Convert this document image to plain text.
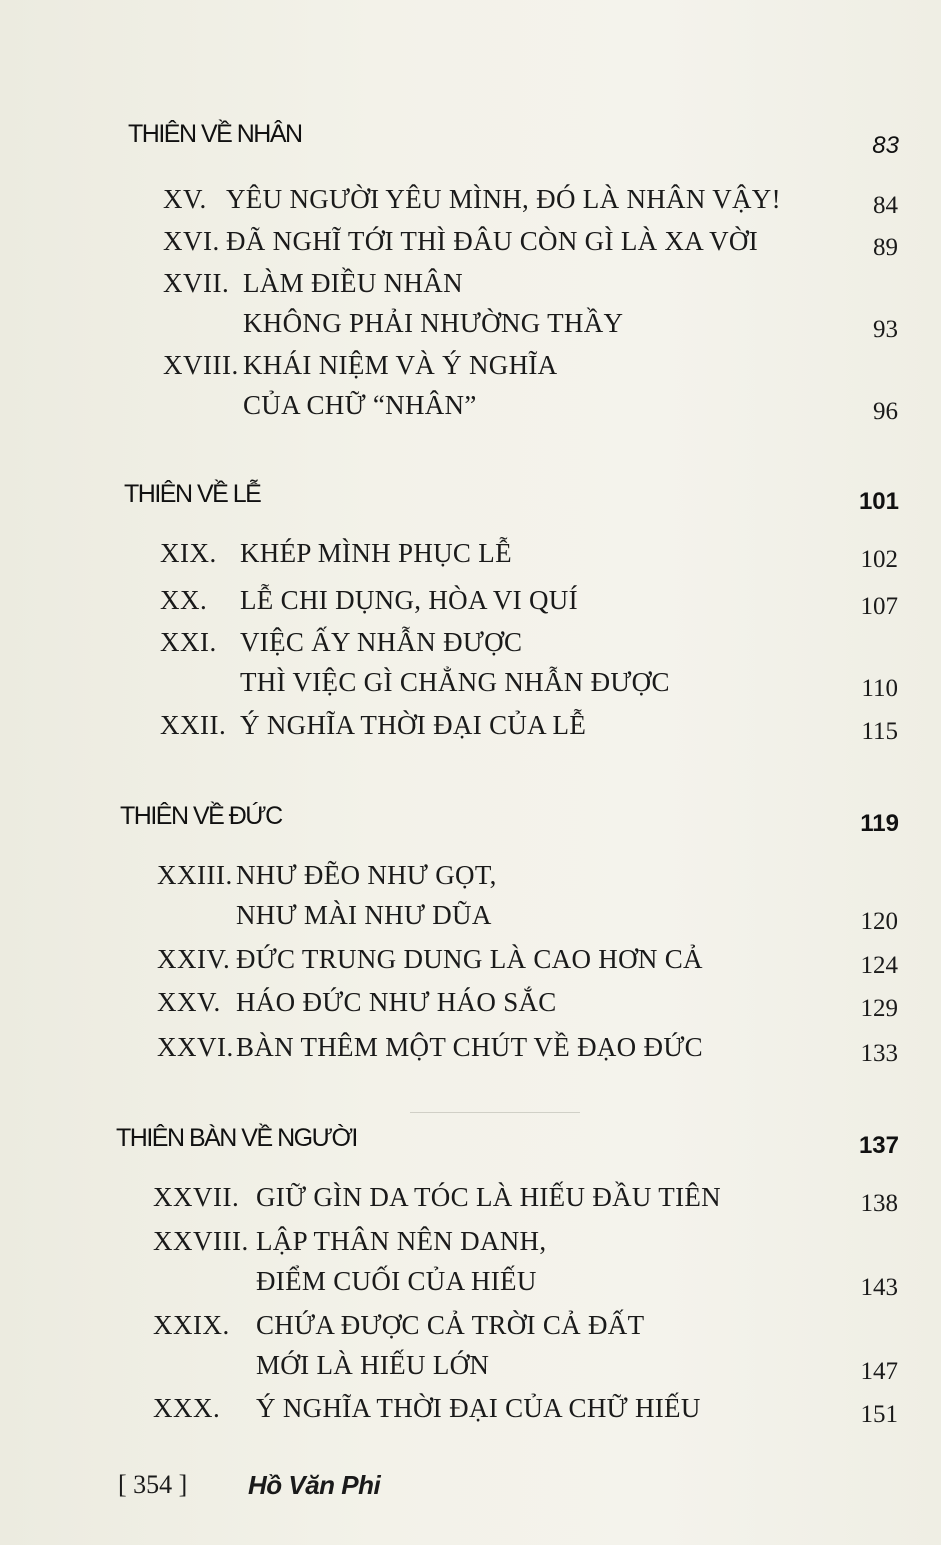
THIÊN VỀ NHÂN	83
XV. YÊU NGƯỜI YÊU MÌNH, ĐÓ LÀ NHÂN VẬY!	84
XVI. ĐÃ NGHĨ TỚI THÌ ĐÂU CÒN GÌ LÀ XA VỜI	89
XVII. LÀM ĐIỀU NHÂN
KHÔNG PHẢI NHƯỜNG THẦY	93
XVIII. KHÁI NIỆM VÀ Ý NGHĨA
CỦA CHỮ “NHÂN”	96
THIÊN VỀ LỄ	101
XIX. KHÉP MÌNH PHỤC LỄ	102
XX. LỄ CHI DỤNG, HÒA VI QUÍ	107
XXI. VIỆC ẤY NHẪN ĐƯỢC
THÌ VIỆC GÌ CHẲNG NHẪN ĐƯỢC	110
XXII. Ý NGHĨA THỜI ĐẠI CỦA LỄ	115
THIÊN VỀ ĐỨC	119
XXIII. NHƯ ĐẼO NHƯ GỌT,
NHƯ MÀI NHƯ DŨA	120
XXIV. ĐỨC TRUNG DUNG LÀ CAO HƠN CẢ	124
XXV. HÁO ĐỨC NHƯ HÁO SẮC	129
XXVI. BÀN THÊM MỘT CHÚT VỀ ĐẠO ĐỨC	133
THIÊN BÀN VỀ NGƯỜI	137
XXVII. GIỮ GÌN DA TÓC LÀ HIẾU ĐẦU TIÊN	138
XXVIII. LẬP THÂN NÊN DANH,
ĐIỂM CUỐI CỦA HIẾU	143
XXIX. CHỨA ĐƯỢC CẢ TRỜI CẢ ĐẤT
MỚI LÀ HIẾU LỚN	147
XXX. Ý NGHĨA THỜI ĐẠI CỦA CHỮ HIẾU	151
[ 354 ] Hồ Văn Phi
